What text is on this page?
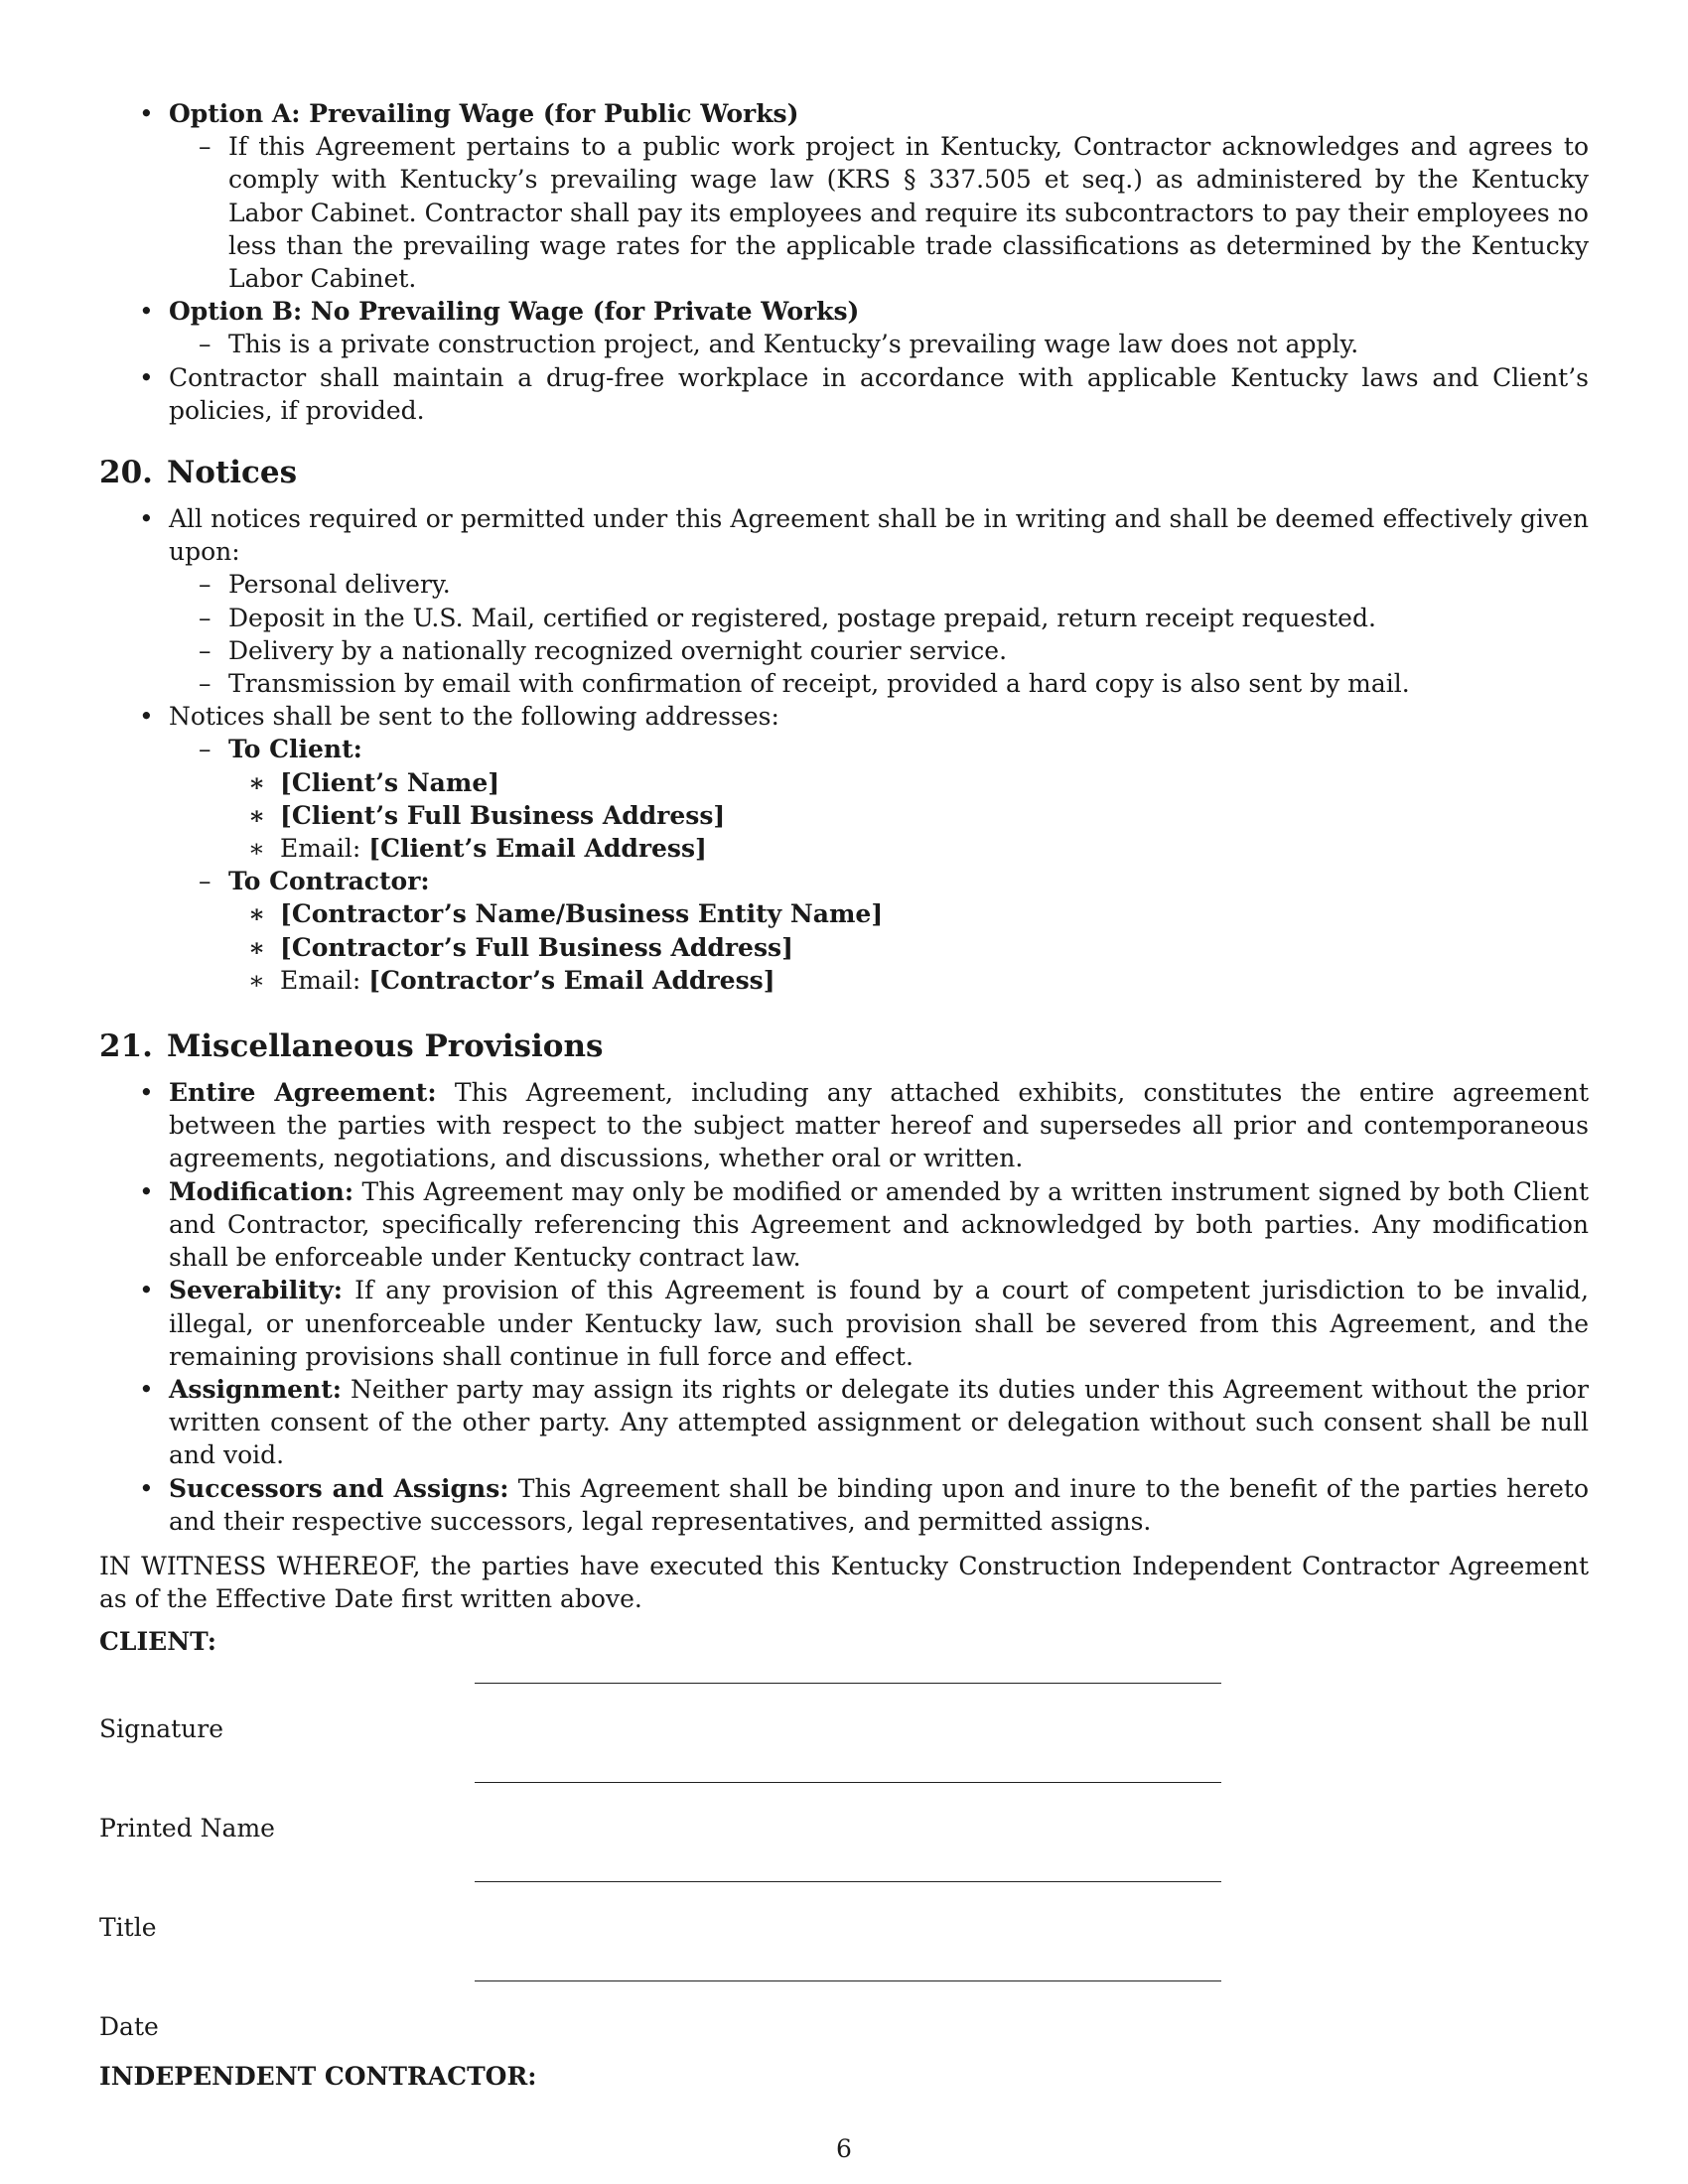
• Option A: Prevailing Wage (for Public Works)
– If this Agreement pertains to a public work project in Kentucky, Contractor acknowledges and agrees to comply with Kentucky’s prevailing wage law (KRS § 337.505 et seq.) as administered by the Kentucky Labor Cabinet. Contractor shall pay its employees and require its subcontractors to pay their employees no less than the prevailing wage rates for the applicable trade classifications as determined by the Kentucky Labor Cabinet.
• Option B: No Prevailing Wage (for Private Works)
– This is a private construction project, and Kentucky’s prevailing wage law does not apply.
• Contractor shall maintain a drug-free workplace in accordance with applicable Kentucky laws and Client’s policies, if provided.
20. Notices
• All notices required or permitted under this Agreement shall be in writing and shall be deemed effectively given upon:
– Personal delivery.
– Deposit in the U.S. Mail, certified or registered, postage prepaid, return receipt requested.
– Delivery by a nationally recognized overnight courier service.
– Transmission by email with confirmation of receipt, provided a hard copy is also sent by mail.
• Notices shall be sent to the following addresses:
– To Client:
∗ [Client’s Name]
∗ [Client’s Full Business Address]
∗ Email: [Client’s Email Address]
– To Contractor:
∗ [Contractor’s Name/Business Entity Name]
∗ [Contractor’s Full Business Address]
∗ Email: [Contractor’s Email Address]
21. Miscellaneous Provisions
• Entire Agreement: This Agreement, including any attached exhibits, constitutes the entire agreement between the parties with respect to the subject matter hereof and supersedes all prior and contemporaneous agreements, negotiations, and discussions, whether oral or written.
• Modification: This Agreement may only be modified or amended by a written instrument signed by both Client and Contractor, specifically referencing this Agreement and acknowledged by both parties. Any modification shall be enforceable under Kentucky contract law.
• Severability: If any provision of this Agreement is found by a court of competent jurisdiction to be invalid, illegal, or unenforceable under Kentucky law, such provision shall be severed from this Agreement, and the remaining provisions shall continue in full force and effect.
• Assignment: Neither party may assign its rights or delegate its duties under this Agreement without the prior written consent of the other party. Any attempted assignment or delegation without such consent shall be null and void.
• Successors and Assigns: This Agreement shall be binding upon and inure to the benefit of the parties hereto and their respective successors, legal representatives, and permitted assigns.

IN WITNESS WHEREOF, the parties have executed this Kentucky Construction Independent Contractor Agreement as of the Effective Date first written above.

CLIENT:
Signature
Printed Name
Title
Date
INDEPENDENT CONTRACTOR:
6
